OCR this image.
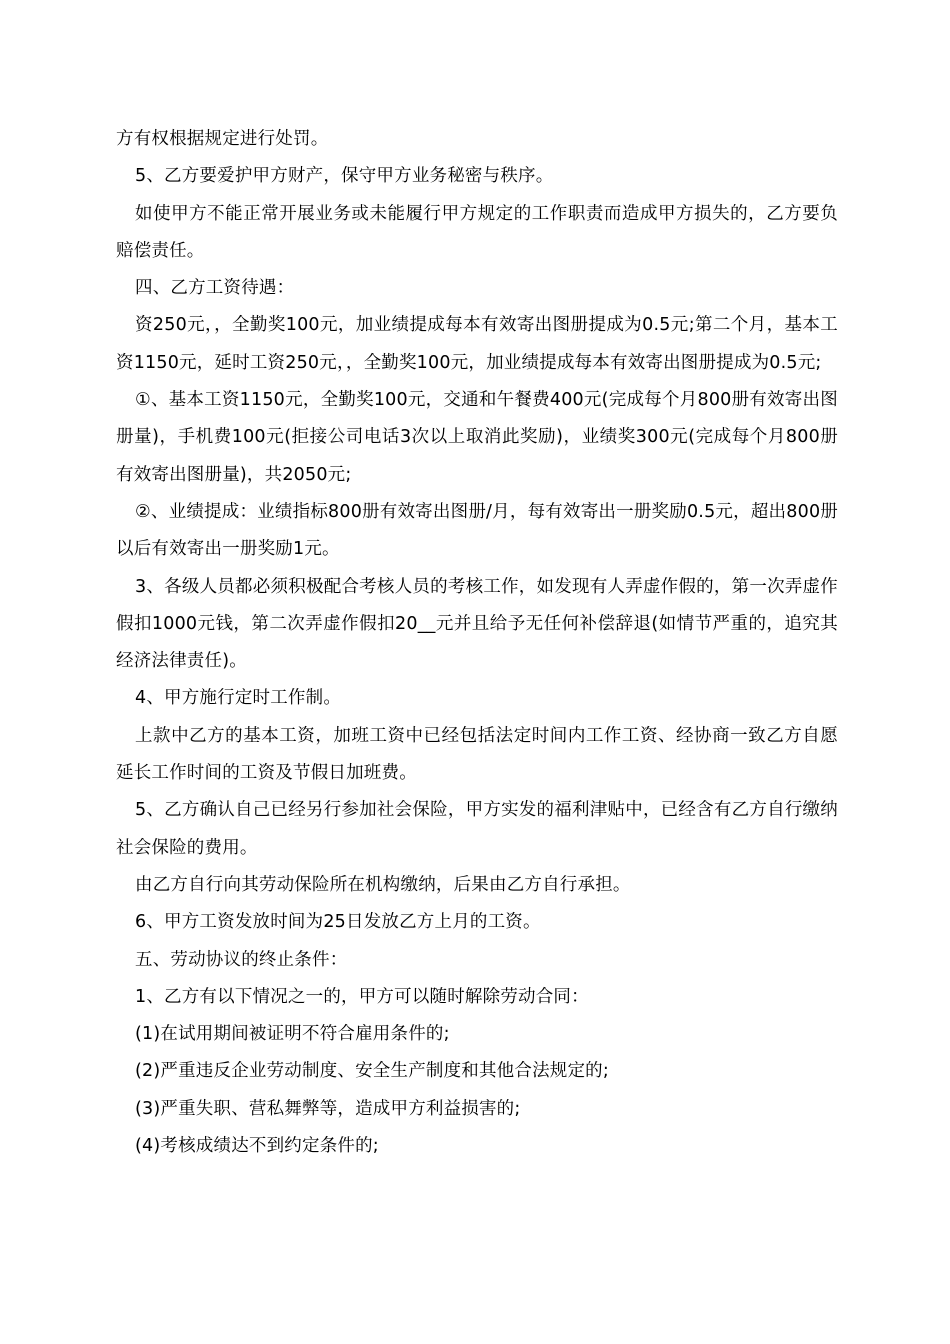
方有权根据规定进行处罚。

5、乙方要爱护甲方财产，保守甲方业务秘密与秩序。

如使甲方不能正常开展业务或未能履行甲方规定的工作职责而造成甲方损失的，乙方要负赔偿责任。

四、乙方工资待遇：

资250元，，全勤奖100元，加业绩提成每本有效寄出图册提成为0.5元;第二个月，基本工资1150元，延时工资250元，，全勤奖100元，加业绩提成每本有效寄出图册提成为0.5元;

①、基本工资1150元，全勤奖100元，交通和午餐费400元(完成每个月800册有效寄出图册量)，手机费100元(拒接公司电话3次以上取消此奖励)，业绩奖300元(完成每个月800册有效寄出图册量)，共2050元;

②、业绩提成：业绩指标800册有效寄出图册/月，每有效寄出一册奖励0.5元，超出800册以后有效寄出一册奖励1元。

3、各级人员都必须积极配合考核人员的考核工作，如发现有人弄虚作假的，第一次弄虚作假扣1000元钱，第二次弄虚作假扣20__元并且给予无任何补偿辞退(如情节严重的，追究其经济法律责任)。

4、甲方施行定时工作制。

上款中乙方的基本工资，加班工资中已经包括法定时间内工作工资、经协商一致乙方自愿延长工作时间的工资及节假日加班费。

5、乙方确认自己已经另行参加社会保险，甲方实发的福利津贴中，已经含有乙方自行缴纳社会保险的费用。

由乙方自行向其劳动保险所在机构缴纳，后果由乙方自行承担。

6、甲方工资发放时间为25日发放乙方上月的工资。

五、劳动协议的终止条件：

1、乙方有以下情况之一的，甲方可以随时解除劳动合同：

(1)在试用期间被证明不符合雇用条件的;

(2)严重违反企业劳动制度、安全生产制度和其他合法规定的;

(3)严重失职、营私舞弊等，造成甲方利益损害的;

(4)考核成绩达不到约定条件的;
